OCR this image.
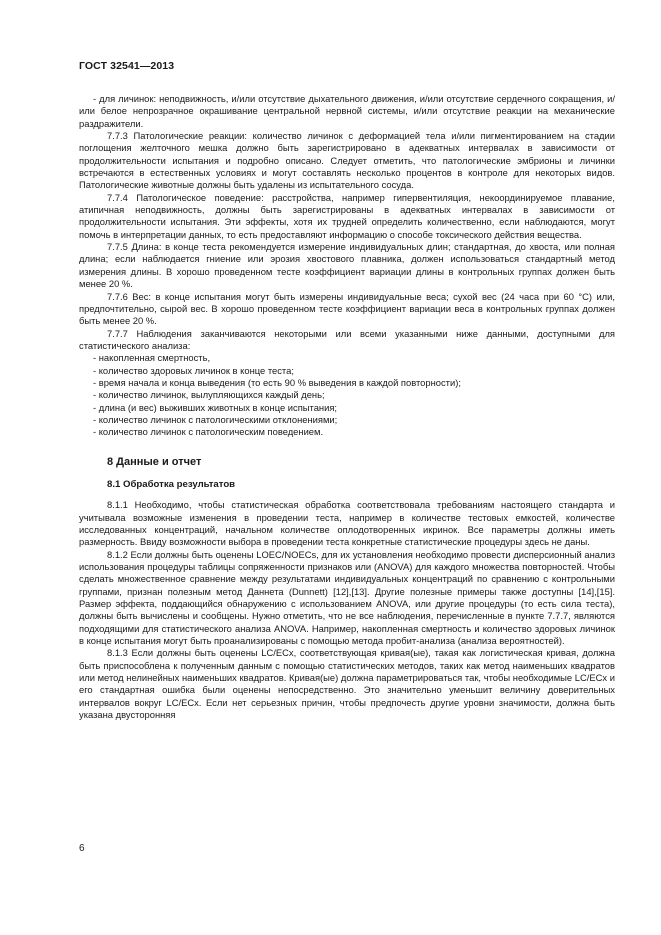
ГОСТ 32541—2013

- для личинок: неподвижность, и/или отсутствие дыхательного движения, и/или отсутствие сердечного сокращения, и/или белое непрозрачное окрашивание центральной нервной системы, и/или отсутствие реакции на механические раздражители.

7.7.3 Патологические реакции: количество личинок с деформацией тела и/или пигментированием на стадии поглощения желточного мешка должно быть зарегистрировано в адекватных интервалах в зависимости от продолжительности испытания и подробно описано. Следует отметить, что патологические эмбрионы и личинки встречаются в естественных условиях и могут составлять несколько процентов в контроле для некоторых видов. Патологические животные должны быть удалены из испытательного сосуда.

7.7.4 Патологическое поведение: расстройства, например гипервентиляция, некоординируемое плавание, атипичная неподвижность, должны быть зарегистрированы в адекватных интервалах в зависимости от продолжительности испытания. Эти эффекты, хотя их трудней определить количественно, если наблюдаются, могут помочь в интерпретации данных, то есть предоставляют информацию о способе токсического действия вещества.

7.7.5 Длина: в конце теста рекомендуется измерение индивидуальных длин; стандартная, до хвоста, или полная длина; если наблюдается гниение или эрозия хвостового плавника, должен использоваться стандартный метод измерения длины. В хорошо проведенном тесте коэффициент вариации длины в контрольных группах должен быть менее 20 %.

7.7.6 Вес: в конце испытания могут быть измерены индивидуальные веса; сухой вес (24 часа при 60 °C) или, предпочтительно, сырой вес. В хорошо проведенном тесте коэффициент вариации веса в контрольных группах должен быть менее 20 %.

7.7.7 Наблюдения заканчиваются некоторыми или всеми указанными ниже данными, доступными для статистического анализа:

- накопленная смертность,

- количество здоровых личинок в конце теста;

- время начала и конца выведения (то есть 90 % выведения в каждой повторности);

- количество личинок, вылупляющихся каждый день;

- длина (и вес) выживших животных в конце испытания;

- количество личинок с патологическими отклонениями;

- количество личинок с патологическим поведением.

8 Данные и отчет
8.1 Обработка результатов

8.1.1 Необходимо, чтобы статистическая обработка соответствовала требованиям настоящего стандарта и учитывала возможные изменения в проведении теста, например в количестве тестовых емкостей, количестве исследованных концентраций, начальном количестве оплодотворенных икринок. Все параметры должны иметь размерность. Ввиду возможности выбора в проведении теста конкретные статистические процедуры здесь не даны.

8.1.2 Если должны быть оценены LOEC/NOECs, для их установления необходимо провести дисперсионный анализ использования процедуры таблицы сопряженности признаков или (ANOVA) для каждого множества повторностей. Чтобы сделать множественное сравнение между результатами индивидуальных концентраций по сравнению с контрольными группами, признан полезным метод Даннета (Dunnett) [12],[13]. Другие полезные примеры также доступны [14],[15]. Размер эффекта, поддающийся обнаружению с использованием ANOVA, или другие процедуры (то есть сила теста), должны быть вычислены и сообщены. Нужно отметить, что не все наблюдения, перечисленные в пункте 7.7.7, являются подходящими для статистического анализа ANOVA. Например, накопленная смертность и количество здоровых личинок в конце испытания могут быть проанализированы с помощью метода пробит-анализа (анализа вероятностей).

8.1.3 Если должны быть оценены LC/ECx, соответствующая кривая(ые), такая как логистическая кривая, должна быть приспособлена к полученным данным с помощью статистических методов, таких как метод наименьших квадратов или метод нелинейных наименьших квадратов. Кривая(ые) должна параметрироваться так, чтобы необходимые LC/ECx и его стандартная ошибка были оценены непосредственно. Это значительно уменьшит величину доверительных интервалов вокруг LC/ECx. Если нет серьезных причин, чтобы предпочесть другие уровни значимости, должна быть указана двусторонняя

6
